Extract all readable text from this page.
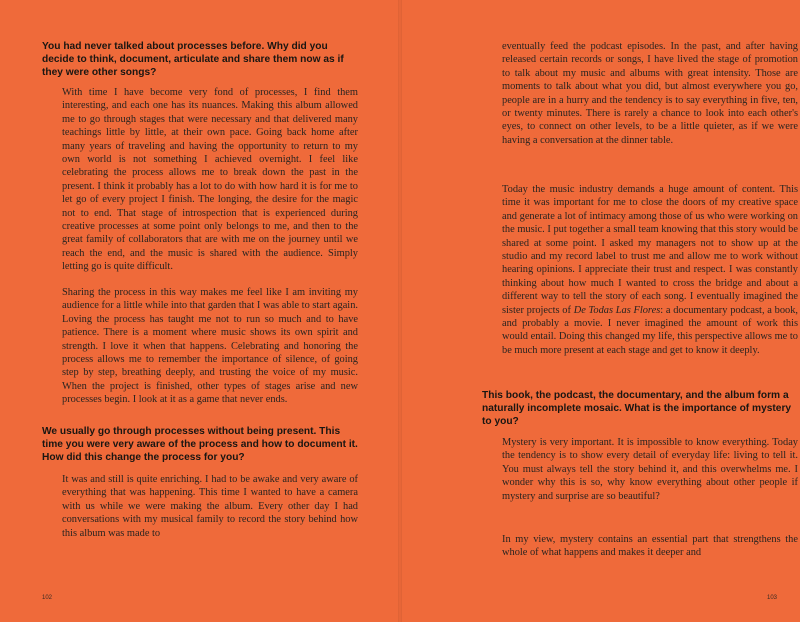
You had never talked about processes before. Why did you decide to think, document, articulate and share them now as if they were other songs?

With time I have become very fond of processes, I find them interesting, and each one has its nuances. Making this album allowed me to go through stages that were necessary and that delivered many teachings little by little, at their own pace. Going back home after many years of traveling and having the opportunity to return to my own world is not something I achieved overnight. I feel like celebrating the process allows me to break down the past in the present. I think it probably has a lot to do with how hard it is for me to let go of every project I finish. The longing, the desire for the magic not to end. That stage of introspection that is experienced during creative processes at some point only belongs to me, and then to the great family of collaborators that are with me on the journey until we reach the end, and the music is shared with the audience. Simply letting go is quite difficult.

Sharing the process in this way makes me feel like I am inviting my audience for a little while into that garden that I was able to start again. Loving the process has taught me not to run so much and to have patience. There is a moment where music shows its own spirit and strength. I love it when that happens. Celebrating and honoring the process allows me to remember the importance of silence, of going step by step, breathing deeply, and trusting the voice of my music. When the project is finished, other types of stages arise and new processes begin. I look at it as a game that never ends.

We usually go through processes without being present. This time you were very aware of the process and how to document it. How did this change the process for you?

It was and still is quite enriching. I had to be awake and very aware of everything that was happening. This time I wanted to have a camera with us while we were making the album. Every other day I had conversations with my musical family to record the story behind how this album was made to

102

eventually feed the podcast episodes. In the past, and after having released certain records or songs, I have lived the stage of promotion to talk about my music and albums with great intensity. Those are moments to talk about what you did, but almost everywhere you go, people are in a hurry and the tendency is to say everything in five, ten, or twenty minutes. There is rarely a chance to look into each other's eyes, to connect on other levels, to be a little quieter, as if we were having a conversation at the dinner table.

Today the music industry demands a huge amount of content. This time it was important for me to close the doors of my creative space and generate a lot of intimacy among those of us who were working on the music. I put together a small team knowing that this story would be shared at some point. I asked my managers not to show up at the studio and my record label to trust me and allow me to work without hearing opinions. I appreciate their trust and respect. I was constantly thinking about how much I wanted to cross the bridge and about a different way to tell the story of each song. I eventually imagined the sister projects of De Todas Las Flores: a documentary podcast, a book, and probably a movie. I never imagined the amount of work this would entail. Doing this changed my life, this perspective allows me to be much more present at each stage and get to know it deeply.

This book, the podcast, the documentary, and the album form a naturally incomplete mosaic. What is the importance of mystery to you?

Mystery is very important. It is impossible to know everything. Today the tendency is to show every detail of everyday life: living to tell it. You must always tell the story behind it, and this overwhelms me. I wonder why this is so, why know everything about other people if mystery and surprise are so beautiful?

In my view, mystery contains an essential part that strengthens the whole of what happens and makes it deeper and

103
